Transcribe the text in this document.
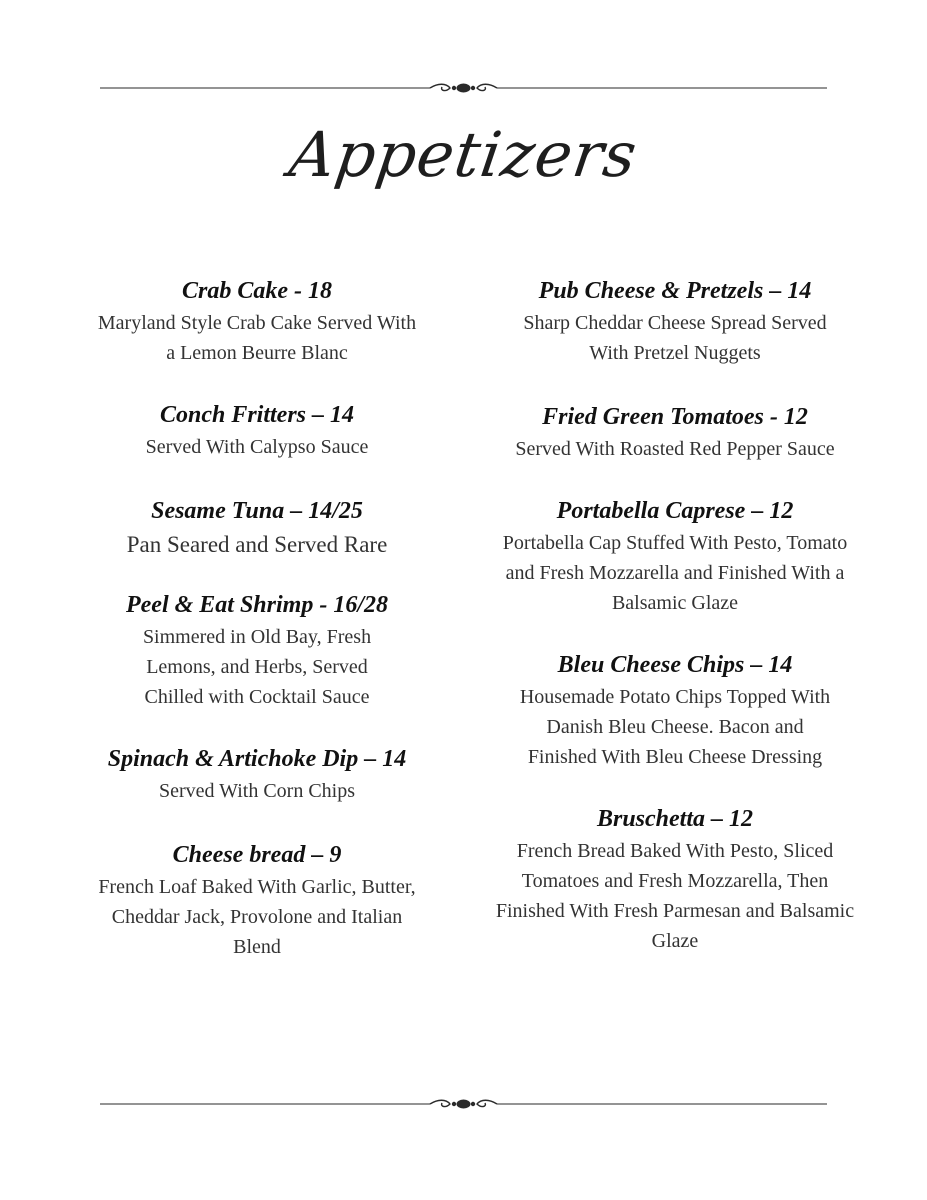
Appetizers
Crab Cake - 18
Maryland Style Crab Cake Served With a Lemon Beurre Blanc
Conch Fritters – 14
Served With Calypso Sauce
Sesame Tuna – 14/25
Pan Seared and Served Rare
Peel & Eat Shrimp - 16/28
Simmered in Old Bay, Fresh Lemons, and Herbs, Served Chilled with Cocktail Sauce
Spinach & Artichoke Dip – 14
Served With Corn Chips
Cheese bread – 9
French Loaf Baked With Garlic, Butter, Cheddar Jack, Provolone and Italian Blend
Pub Cheese & Pretzels – 14
Sharp Cheddar Cheese Spread Served With Pretzel Nuggets
Fried Green Tomatoes - 12
Served With Roasted Red Pepper Sauce
Portabella Caprese – 12
Portabella Cap Stuffed With Pesto, Tomato and Fresh Mozzarella and Finished With a Balsamic Glaze
Bleu Cheese Chips – 14
Housemade Potato Chips Topped With Danish Bleu Cheese. Bacon and Finished With Bleu Cheese Dressing
Bruschetta – 12
French Bread Baked With Pesto, Sliced Tomatoes and Fresh Mozzarella, Then Finished With Fresh Parmesan and Balsamic Glaze
